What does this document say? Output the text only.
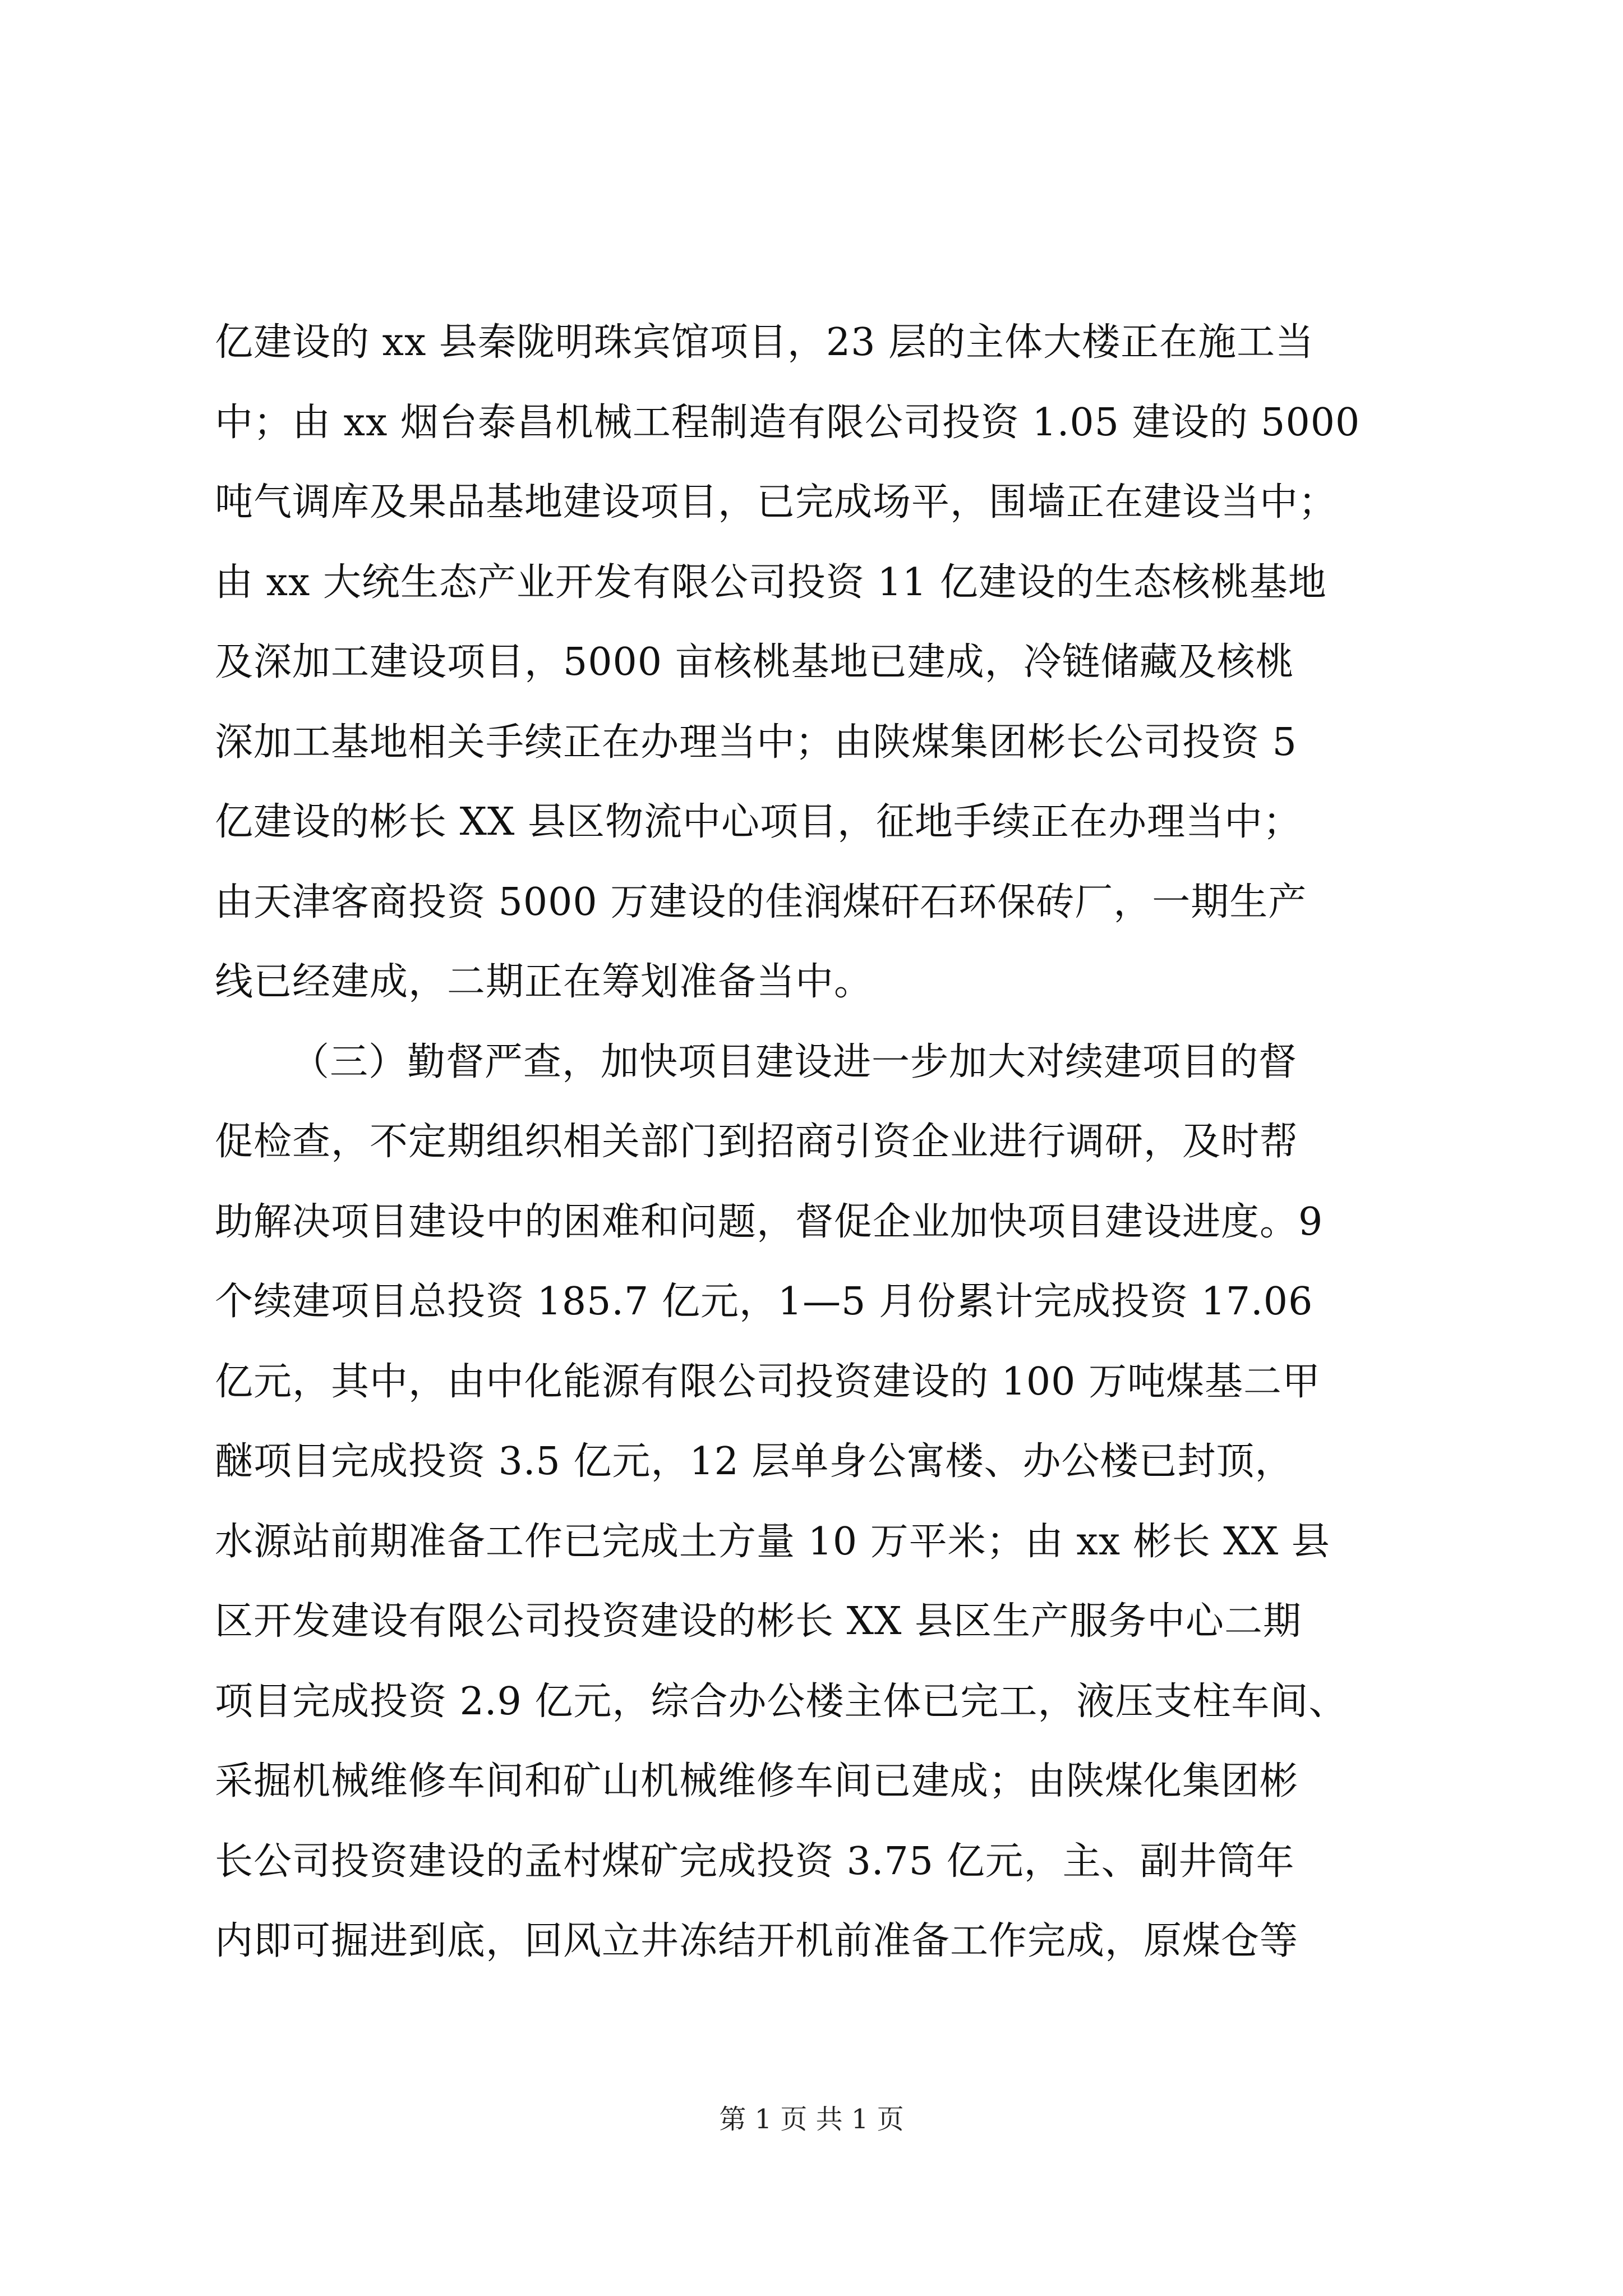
亿建设的 xx 县秦陇明珠宾馆项目，23 层的主体大楼正在施工当
中；由 xx 烟台泰昌机械工程制造有限公司投资 1.05 建设的 5000
吨气调库及果品基地建设项目，已完成场平，围墙正在建设当中；
由 xx 大统生态产业开发有限公司投资 11 亿建设的生态核桃基地
及深加工建设项目，5000 亩核桃基地已建成，冷链储藏及核桃
深加工基地相关手续正在办理当中；由陕煤集团彬长公司投资 5
亿建设的彬长 XX 县区物流中心项目，征地手续正在办理当中；
由天津客商投资 5000 万建设的佳润煤矸石环保砖厂，一期生产
线已经建成，二期正在筹划准备当中。
（三）勤督严查，加快项目建设进一步加大对续建项目的督
促检查，不定期组织相关部门到招商引资企业进行调研，及时帮
助解决项目建设中的困难和问题，督促企业加快项目建设进度。9
个续建项目总投资 185.7 亿元，1—5 月份累计完成投资 17.06
亿元，其中，由中化能源有限公司投资建设的 100 万吨煤基二甲
醚项目完成投资 3.5 亿元，12 层单身公寓楼、办公楼已封顶，
水源站前期准备工作已完成土方量 10 万平米；由 xx 彬长 XX 县
区开发建设有限公司投资建设的彬长 XX 县区生产服务中心二期
项目完成投资 2.9 亿元，综合办公楼主体已完工，液压支柱车间、
采掘机械维修车间和矿山机械维修车间已建成；由陕煤化集团彬
长公司投资建设的孟村煤矿完成投资 3.75 亿元，主、副井筒年
内即可掘进到底，回风立井冻结开机前准备工作完成，原煤仓等
第 1 页 共 1 页
